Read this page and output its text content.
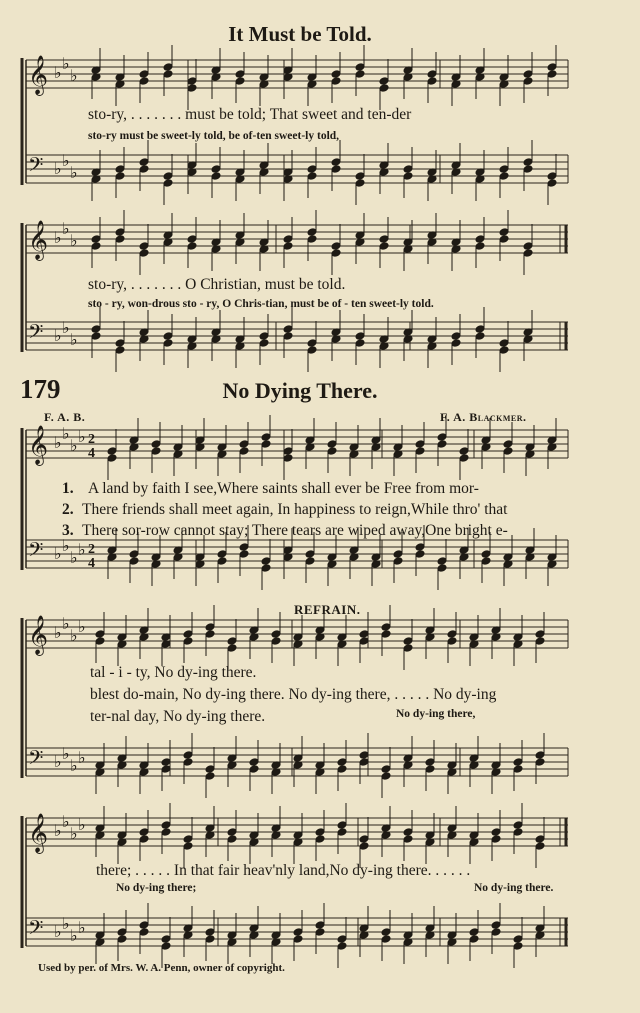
It Must be Told.
𝄞
𝄢
𝄞
𝄢
𝄞
𝄢
𝄞
𝄢
𝄞
𝄢
♭ ♭
♭
♭ ♭
♭
♭ ♭
♭
♭ ♭
♭
♭ ♭
♭ ♭
♭ ♭
♭ ♭
♭ ♭
♭ ♭
♭ ♭
♭ ♭
♭ ♭
♭ ♭
♭ ♭
♭ ♭
2
4
2
4
sto-ry, . . . . . . . must be told; That sweet and ten-der
sto-ry must be sweet-ly told, be of-ten sweet-ly told,
sto-ry, . . . . . . . O Christian, must be told.
sto - ry, won-drous sto - ry, O Chris-tian, must be of - ten sweet-ly told.
179	No Dying There.
F. A. B.	F. A. Blackmer.
1. A land by faith I see,Where saints shall ever be Free from mor-
2. There friends shall meet again, In happiness to reign,While thro' that
3. There sor-row cannot stay; There tears are wiped away,One bright e-
REFRAIN.
tal - i - ty, No dy-ing there.
blest do-main, No dy-ing there. No dy-ing there, . . . . . No dy-ing
ter-nal day, No dy-ing there.	No dy-ing there,
there; . . . . . In that fair heav'nly land,No dy-ing there. . . . . .
No dy-ing there;	No dy-ing there.
Used by per. of Mrs. W. A. Penn, owner of copyright.
